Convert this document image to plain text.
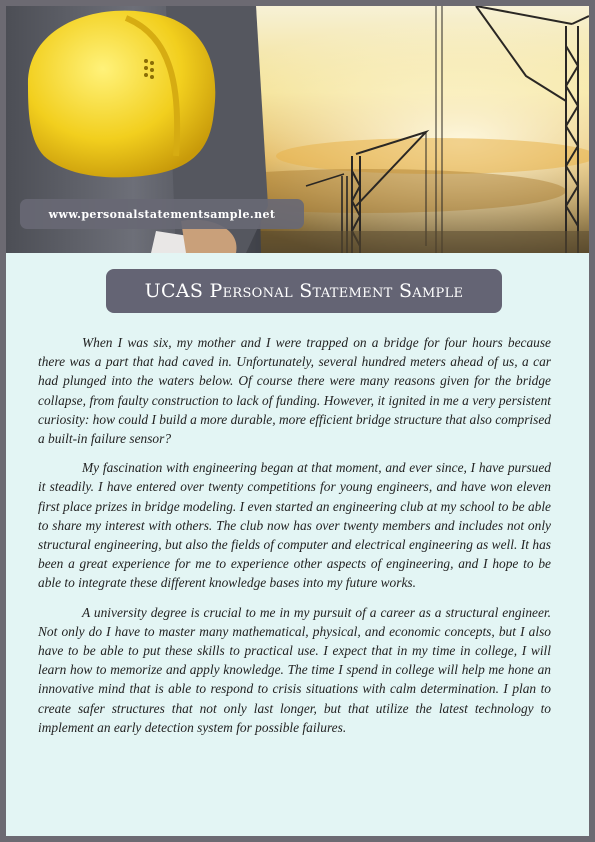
www.personalstatementsample.net
UCAS Personal Statement Sample

When I was six, my mother and I were trapped on a bridge for four hours because there was a part that had caved in. Unfortunately, several hundred meters ahead of us, a car had plunged into the waters below. Of course there were many reasons given for the bridge collapse, from faulty construction to lack of funding. However, it ignited in me a very persistent curiosity: how could I build a more durable, more efficient bridge structure that also comprised a built-in failure sensor?

My fascination with engineering began at that moment, and ever since, I have pursued it steadily. I have entered over twenty competitions for young engineers, and have won eleven first place prizes in bridge modeling. I even started an engineering club at my school to be able to share my interest with others. The club now has over twenty members and includes not only structural engineering, but also the fields of computer and electrical engineering as well. It has been a great experience for me to experience other aspects of engineering, and I hope to be able to integrate these different knowledge bases into my future works.

A university degree is crucial to me in my pursuit of a career as a structural engineer. Not only do I have to master many mathematical, physical, and economic concepts, but I also have to be able to put these skills to practical use. I expect that in my time in college, I will learn how to memorize and apply knowledge. The time I spend in college will help me hone an innovative mind that is able to respond to crisis situations with calm determination. I plan to create safer structures that not only last longer, but that utilize the latest technology to implement an early detection system for possible failures.
